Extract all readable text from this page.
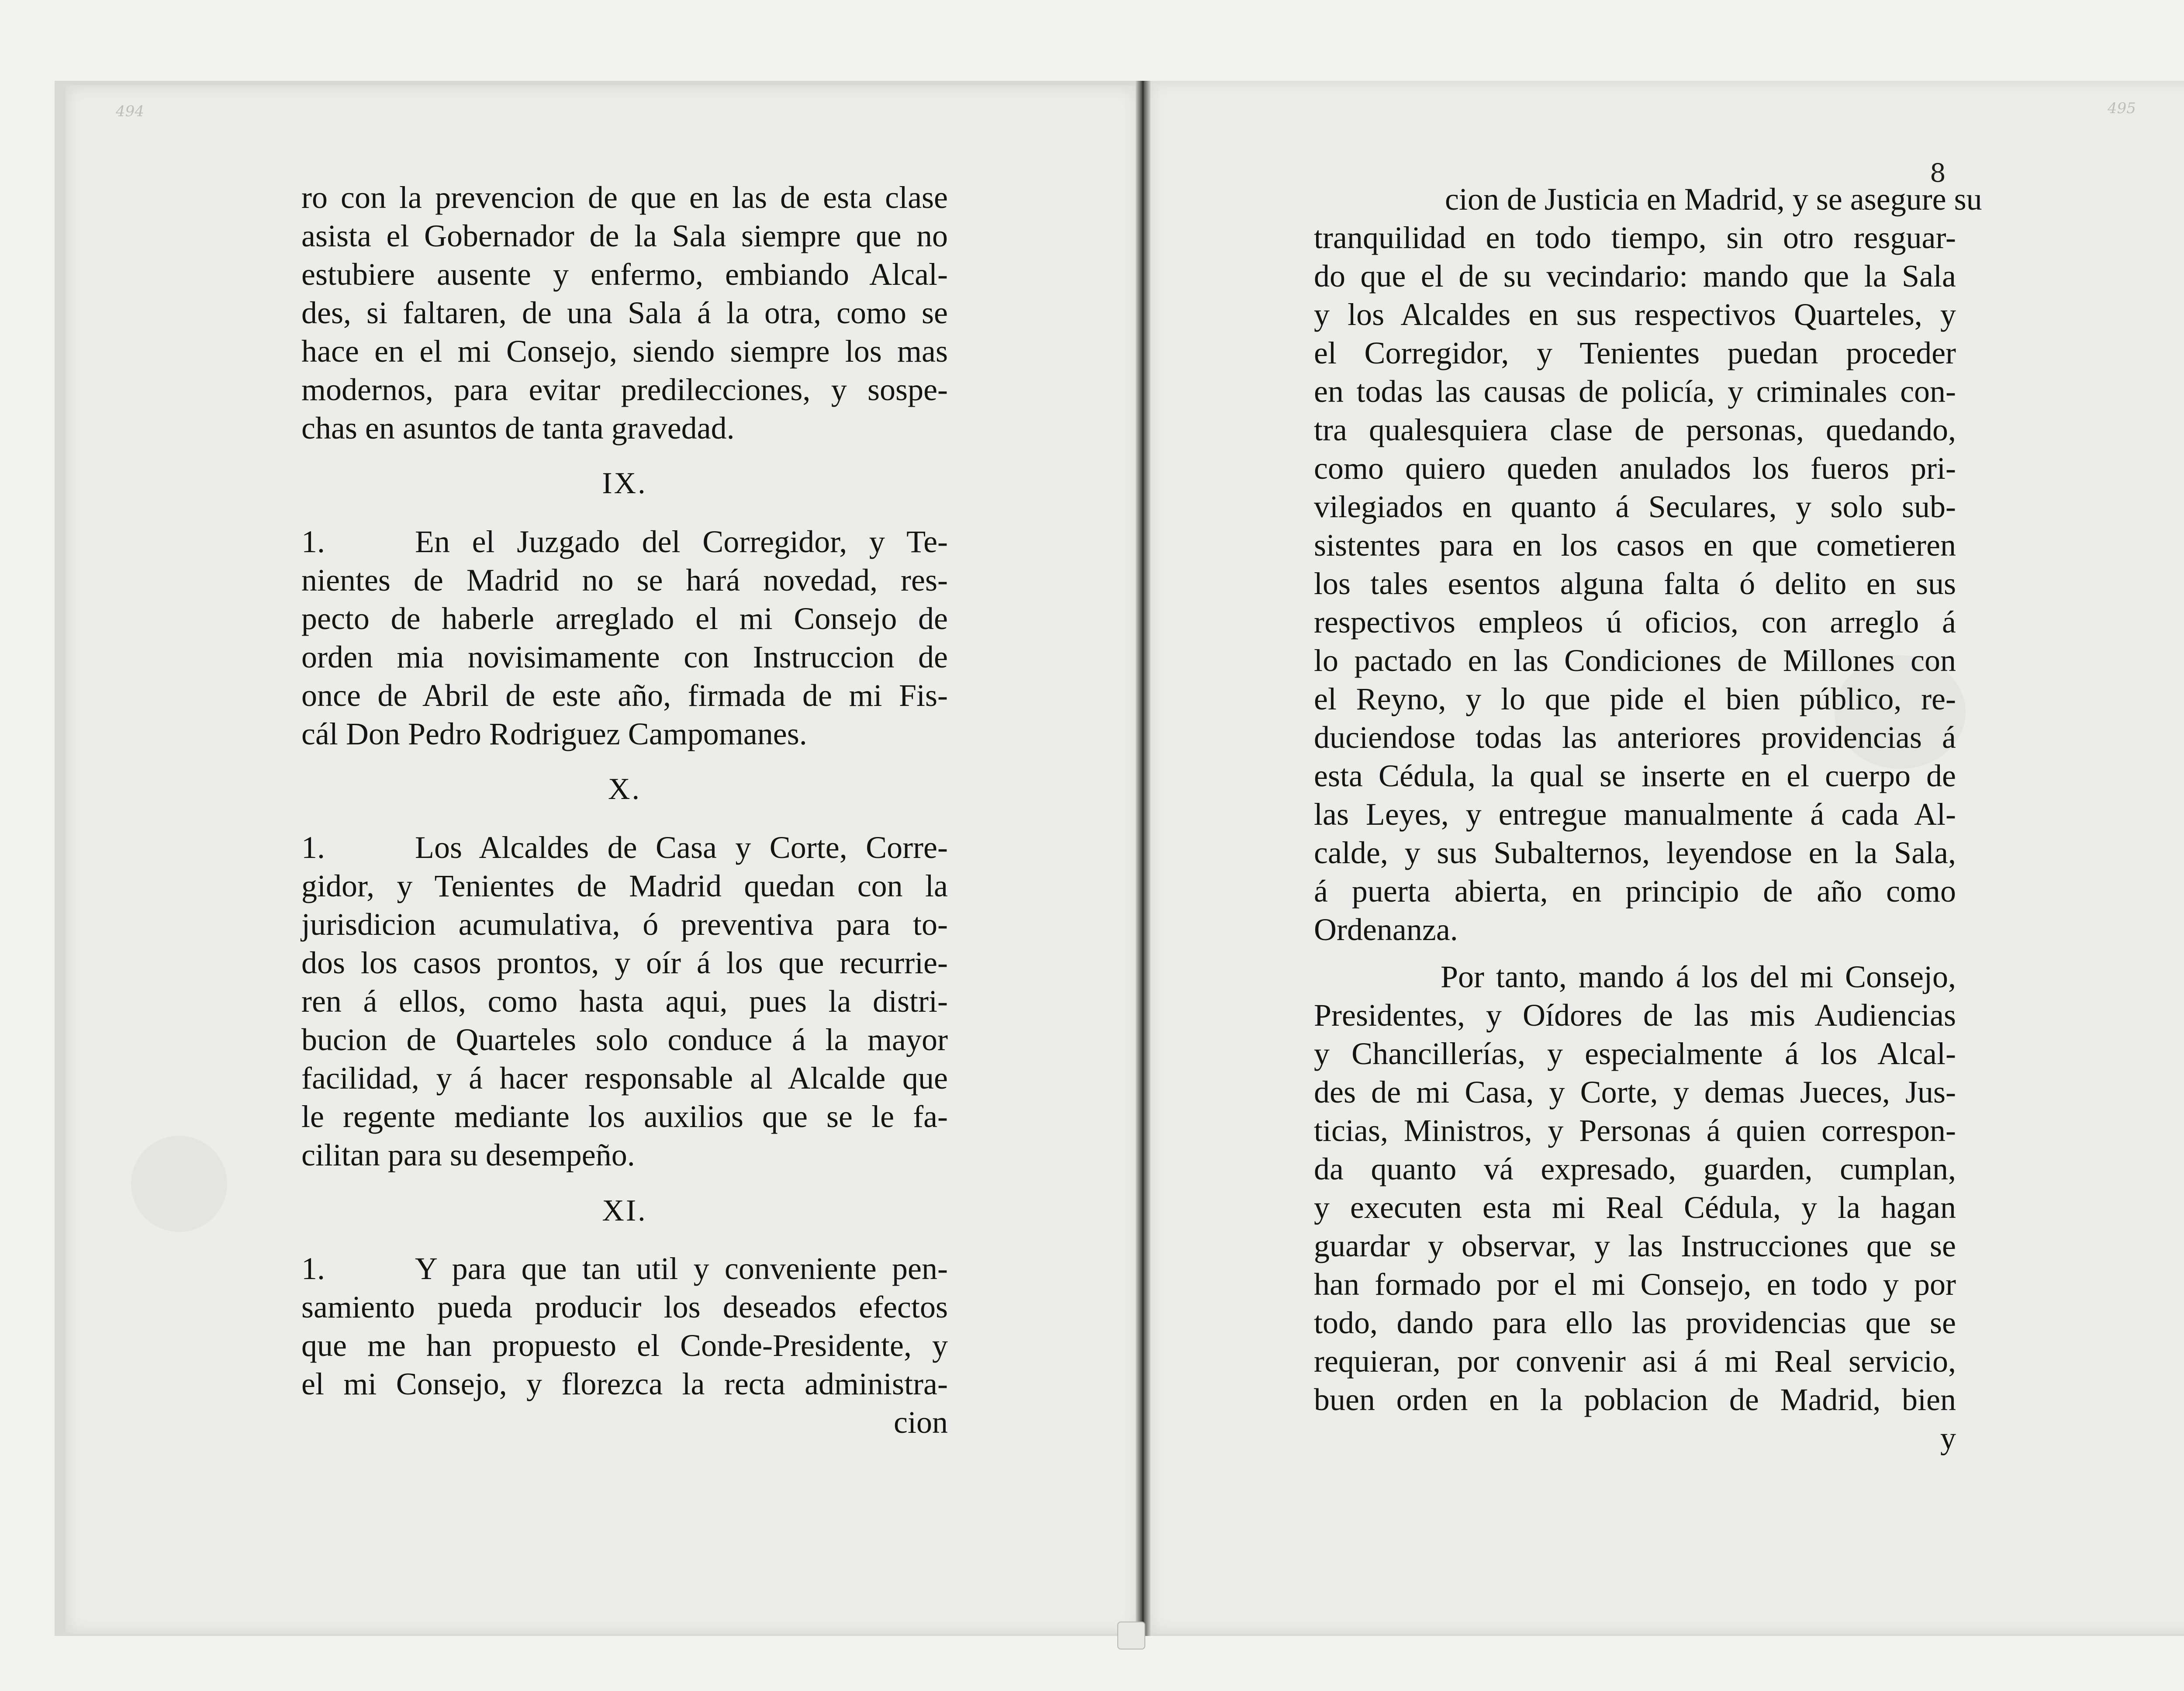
494	495
8
ro con la prevencion de que en las de esta clase
asista el Gobernador de la Sala siempre que no
estubiere ausente y enfermo, embiando Alcal-
des, si faltaren, de una Sala á la otra, como se
hace en el mi Consejo, siendo siempre los mas
modernos, para evitar predilecciones, y sospe-
chas en asuntos de tanta gravedad.
IX.
1.	En el Juzgado del Corregidor, y Te-
nientes de Madrid no se hará novedad, res-
pecto de haberle arreglado el mi Consejo de
orden mia novisimamente con Instruccion de
once de Abril de este año, firmada de mi Fis-
cál Don Pedro Rodriguez Campomanes.
X.
1.	Los Alcaldes de Casa y Corte, Corre-
gidor, y Tenientes de Madrid quedan con la
jurisdicion acumulativa, ó preventiva para to-
dos los casos prontos, y oír á los que recurrie-
ren á ellos, como hasta aqui, pues la distri-
bucion de Quarteles solo conduce á la mayor
facilidad, y á hacer responsable al Alcalde que
le regente mediante los auxilios que se le fa-
cilitan para su desempeño.
XI.
1.	Y para que tan util y conveniente pen-
samiento pueda producir los deseados efectos
que me han propuesto el Conde-Presidente, y
el mi Consejo, y florezca la recta administra-
cion
cion de Justicia en Madrid, y se asegure su
tranquilidad en todo tiempo, sin otro resguar-
do que el de su vecindario: mando que la Sala
y los Alcaldes en sus respectivos Quarteles, y
el Corregidor, y Tenientes puedan proceder
en todas las causas de policía, y criminales con-
tra qualesquiera clase de personas, quedando,
como quiero queden anulados los fueros pri-
vilegiados en quanto á Seculares, y solo sub-
sistentes para en los casos en que cometieren
los tales esentos alguna falta ó delito en sus
respectivos empleos ú oficios, con arreglo á
lo pactado en las Condiciones de Millones con
el Reyno, y lo que pide el bien público, re-
duciendose todas las anteriores providencias á
esta Cédula, la qual se inserte en el cuerpo de
las Leyes, y entregue manualmente á cada Al-
calde, y sus Subalternos, leyendose en la Sala,
á puerta abierta, en principio de año como
Ordenanza.
Por tanto, mando á los del mi Consejo,
Presidentes, y Oídores de las mis Audiencias
y Chancillerías, y especialmente á los Alcal-
des de mi Casa, y Corte, y demas Jueces, Jus-
ticias, Ministros, y Personas á quien correspon-
da quanto vá expresado, guarden, cumplan,
y executen esta mi Real Cédula, y la hagan
guardar y observar, y las Instrucciones que se
han formado por el mi Consejo, en todo y por
todo, dando para ello las providencias que se
requieran, por convenir asi á mi Real servicio,
buen orden en la poblacion de Madrid, bien
y
